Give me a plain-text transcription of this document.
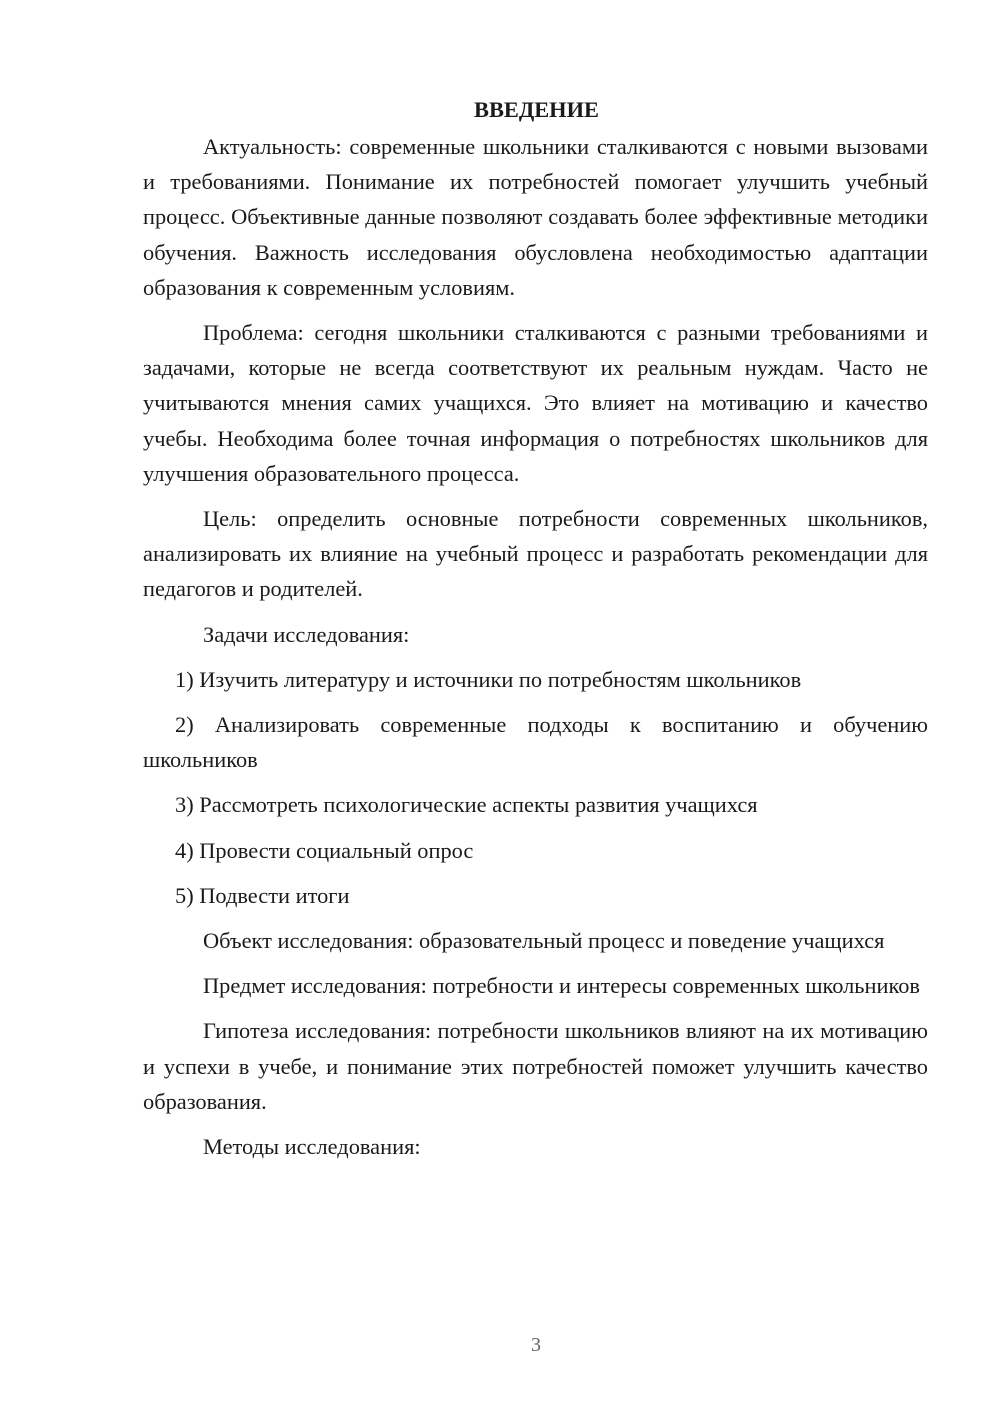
ВВЕДЕНИЕ

Актуальность: современные школьники сталкиваются с новыми вызовами и требованиями. Понимание их потребностей помогает улучшить учебный процесс. Объективные данные позволяют создавать более эффективные методики обучения. Важность исследования обусловлена необходимостью адаптации образования к современным условиям.

Проблема: сегодня школьники сталкиваются с разными требованиями и задачами, которые не всегда соответствуют их реальным нуждам. Часто не учитываются мнения самих учащихся. Это влияет на мотивацию и качество учебы. Необходима более точная информация о потребностях школьников для улучшения образовательного процесса.

Цель: определить основные потребности современных школьников, анализировать их влияние на учебный процесс и разработать рекомендации для педагогов и родителей.

Задачи исследования:

1) Изучить литературу и источники по потребностям школьников

2) Анализировать современные подходы к воспитанию и обучению школьников

3) Рассмотреть психологические аспекты развития учащихся

4) Провести социальный опрос

5) Подвести итоги

Объект исследования: образовательный процесс и поведение учащихся

Предмет исследования: потребности и интересы современных школьников

Гипотеза исследования: потребности школьников влияют на их мотивацию и успехи в учебе, и понимание этих потребностей поможет улучшить качество образования.

Методы исследования:

3
